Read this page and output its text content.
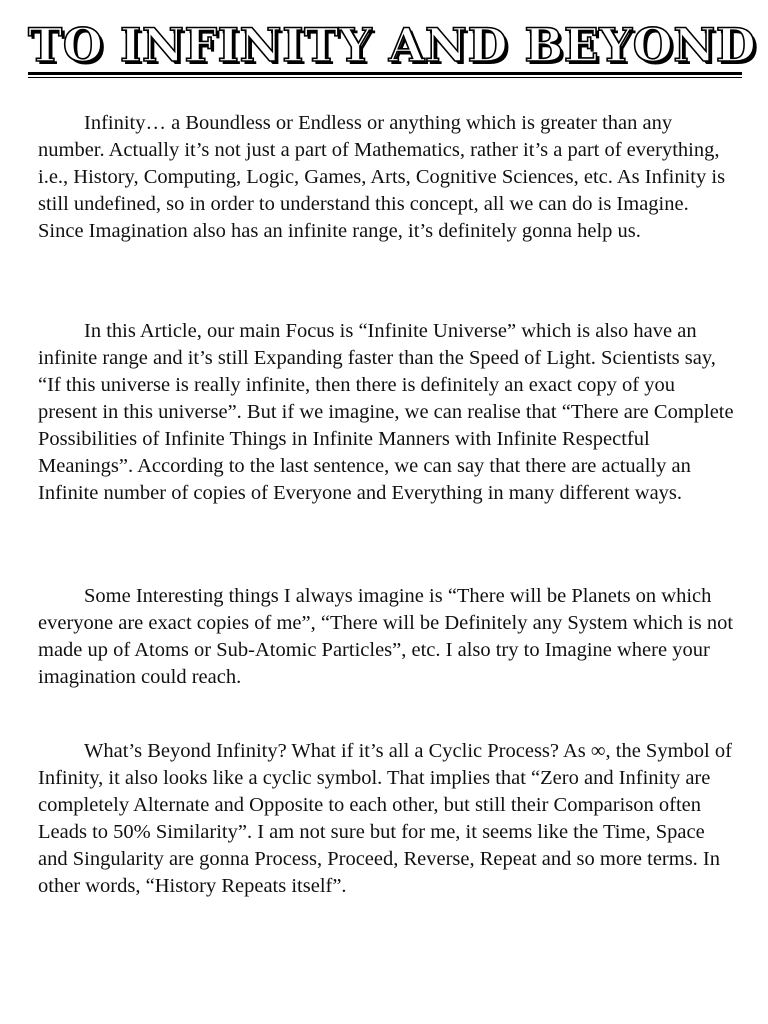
TO INFINITY AND BEYOND

Infinity… a Boundless or Endless or anything which is greater than any number. Actually it’s not just a part of Mathematics, rather it’s a part of everything, i.e., History, Computing, Logic, Games, Arts, Cognitive Sciences, etc. As Infinity is still undefined, so in order to understand this concept, all we can do is Imagine. Since Imagination also has an infinite range, it’s definitely gonna help us.

In this Article, our main Focus is “Infinite Universe” which is also have an infinite range and it’s still Expanding faster than the Speed of Light. Scientists say, “If this universe is really infinite, then there is definitely an exact copy of you present in this universe”. But if we imagine, we can realise that “There are Complete Possibilities of Infinite Things in Infinite Manners with Infinite Respectful Meanings”. According to the last sentence, we can say that there are actually an Infinite number of copies of Everyone and Everything in many different ways.

Some Interesting things I always imagine is “There will be Planets on which everyone are exact copies of me”, “There will be Definitely any System which is not made up of Atoms or Sub-Atomic Particles”, etc. I also try to Imagine where your imagination could reach.

What’s Beyond Infinity? What if it’s all a Cyclic Process? As ∞, the Symbol of Infinity, it also looks like a cyclic symbol. That implies that “Zero and Infinity are completely Alternate and Opposite to each other, but still their Comparison often Leads to 50% Similarity”. I am not sure but for me, it seems like the Time, Space and Singularity are gonna Process, Proceed, Reverse, Repeat and so more terms. In other words, “History Repeats itself”.
